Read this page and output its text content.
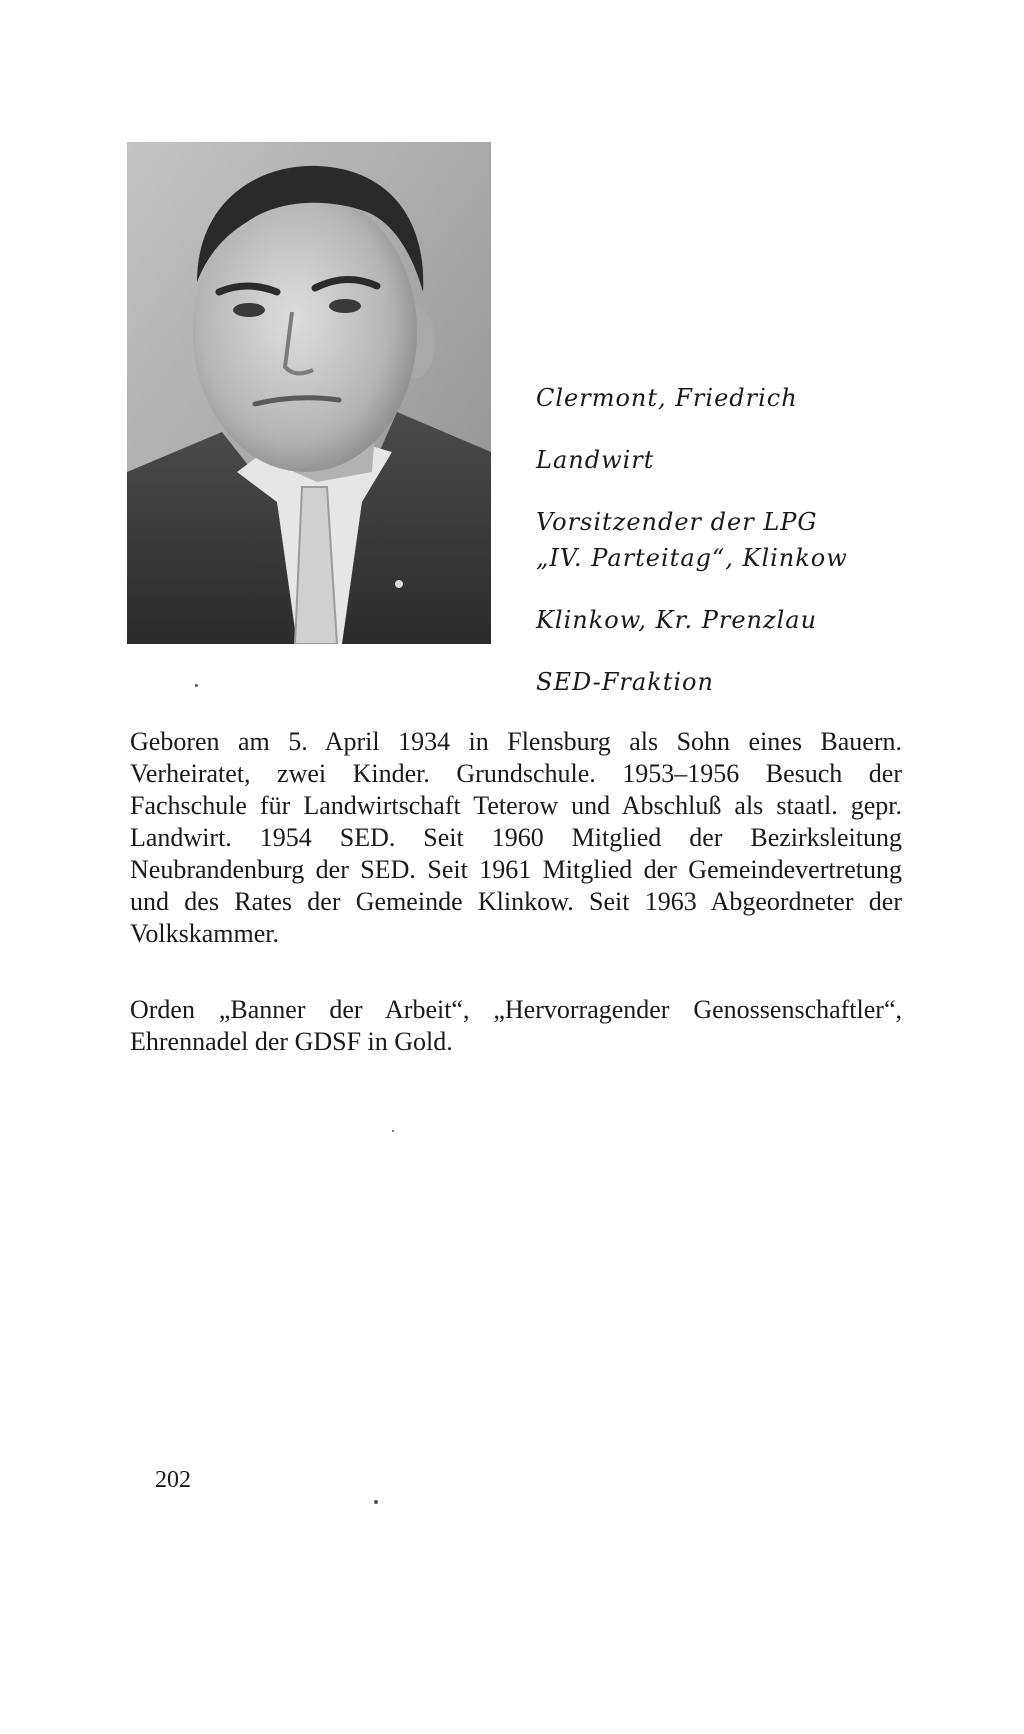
Clermont, Friedrich
Landwirt
Vorsitzender der LPG
„IV. Parteitag“, Klinkow
Klinkow, Kr. Prenzlau
SED-Fraktion

Geboren am 5. April 1934 in Flensburg als Sohn eines Bauern. Verheiratet, zwei Kinder. Grundschule. 1953–1956 Besuch der Fachschule für Landwirtschaft Teterow und Abschluß als staatl. gepr. Landwirt. 1954 SED. Seit 1960 Mitglied der Bezirksleitung Neubrandenburg der SED. Seit 1961 Mitglied der Gemeindevertretung und des Rates der Gemeinde Klinkow. Seit 1963 Abgeordneter der Volkskammer.

Orden „Banner der Arbeit“, „Hervorragender Genossenschaftler“, Ehrennadel der GDSF in Gold.

202
